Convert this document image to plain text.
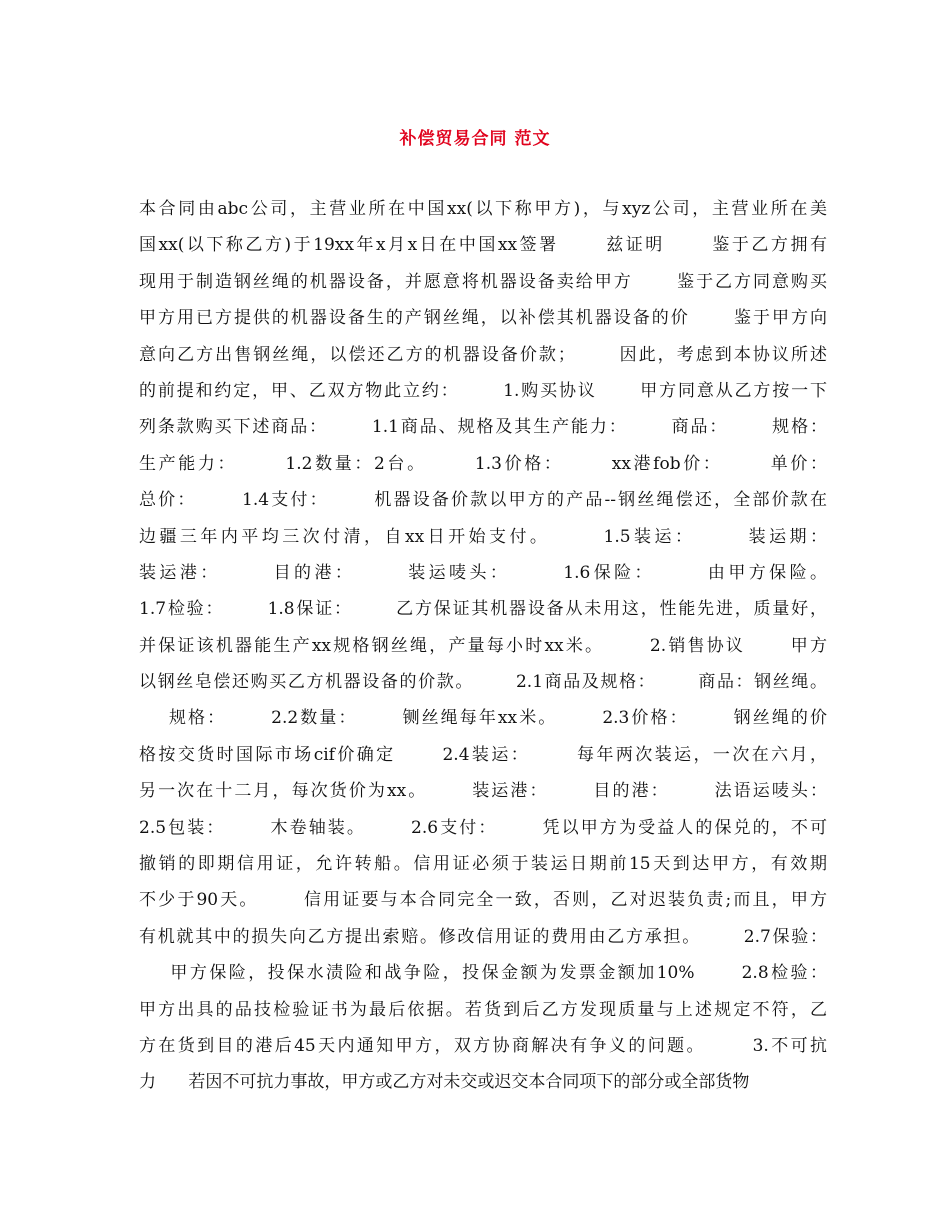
补偿贸易合同 范文
本合同由abc公司，主营业所在中国xx(以下称甲方)，与xyz公司，主营业所在美
国xx(以下称乙方)于19xx年x月x日在中国xx签署      兹证明      鉴于乙方拥有
现用于制造钢丝绳的机器设备，并愿意将机器设备卖给甲方      鉴于乙方同意购买
甲方用已方提供的机器设备生的产钢丝绳，以补偿其机器设备的价      鉴于甲方向
意向乙方出售钢丝绳，以偿还乙方的机器设备价款；      因此，考虑到本协议所述
的前提和约定，甲、乙双方物此立约：      1.购买协议      甲方同意从乙方按一下
列条款购买下述商品：      1.1商品、规格及其生产能力：      商品：      规格：
生产能力：      1.2数量：2台。      1.3价格：      xx港fob价：      单价：
总价：      1.4支付：      机器设备价款以甲方的产品--钢丝绳偿还，全部价款在
边疆三年内平均三次付清，自xx日开始支付。      1.5装运：      装运期：
装运港：      目的港：      装运唛头：      1.6保险：      由甲方保险。
1.7检验：      1.8保证：      乙方保证其机器设备从未用这，性能先进，质量好，
并保证该机器能生产xx规格钢丝绳，产量每小时xx米。      2.销售协议      甲方
以钢丝皂偿还购买乙方机器设备的价款。      2.1商品及规格：      商品：钢丝绳。
规格：      2.2数量：      铡丝绳每年xx米。      2.3价格：      钢丝绳的价
格按交货时国际市场cif价确定      2.4装运：      每年两次装运，一次在六月，
另一次在十二月，每次货价为xx。      装运港：      目的港：      法语运唛头：
2.5包装：      木卷轴装。      2.6支付：      凭以甲方为受益人的保兑的，不可
撤销的即期信用证，允许转船。信用证必须于装运日期前15天到达甲方，有效期
不少于90天。      信用证要与本合同完全一致，否则，乙对迟装负责;而且，甲方
有机就其中的损失向乙方提出索赔。修改信用证的费用由乙方承担。      2.7保验：
甲方保险，投保水渍险和战争险，投保金额为发票金额加10%      2.8检验：
甲方出具的品技检验证书为最后依据。若货到后乙方发现质量与上述规定不符，乙
方在货到目的港后45天内通知甲方，双方协商解决有争义的问题。      3.不可抗
力      若因不可抗力事故，甲方或乙方对未交或迟交本合同项下的部分或全部货物
